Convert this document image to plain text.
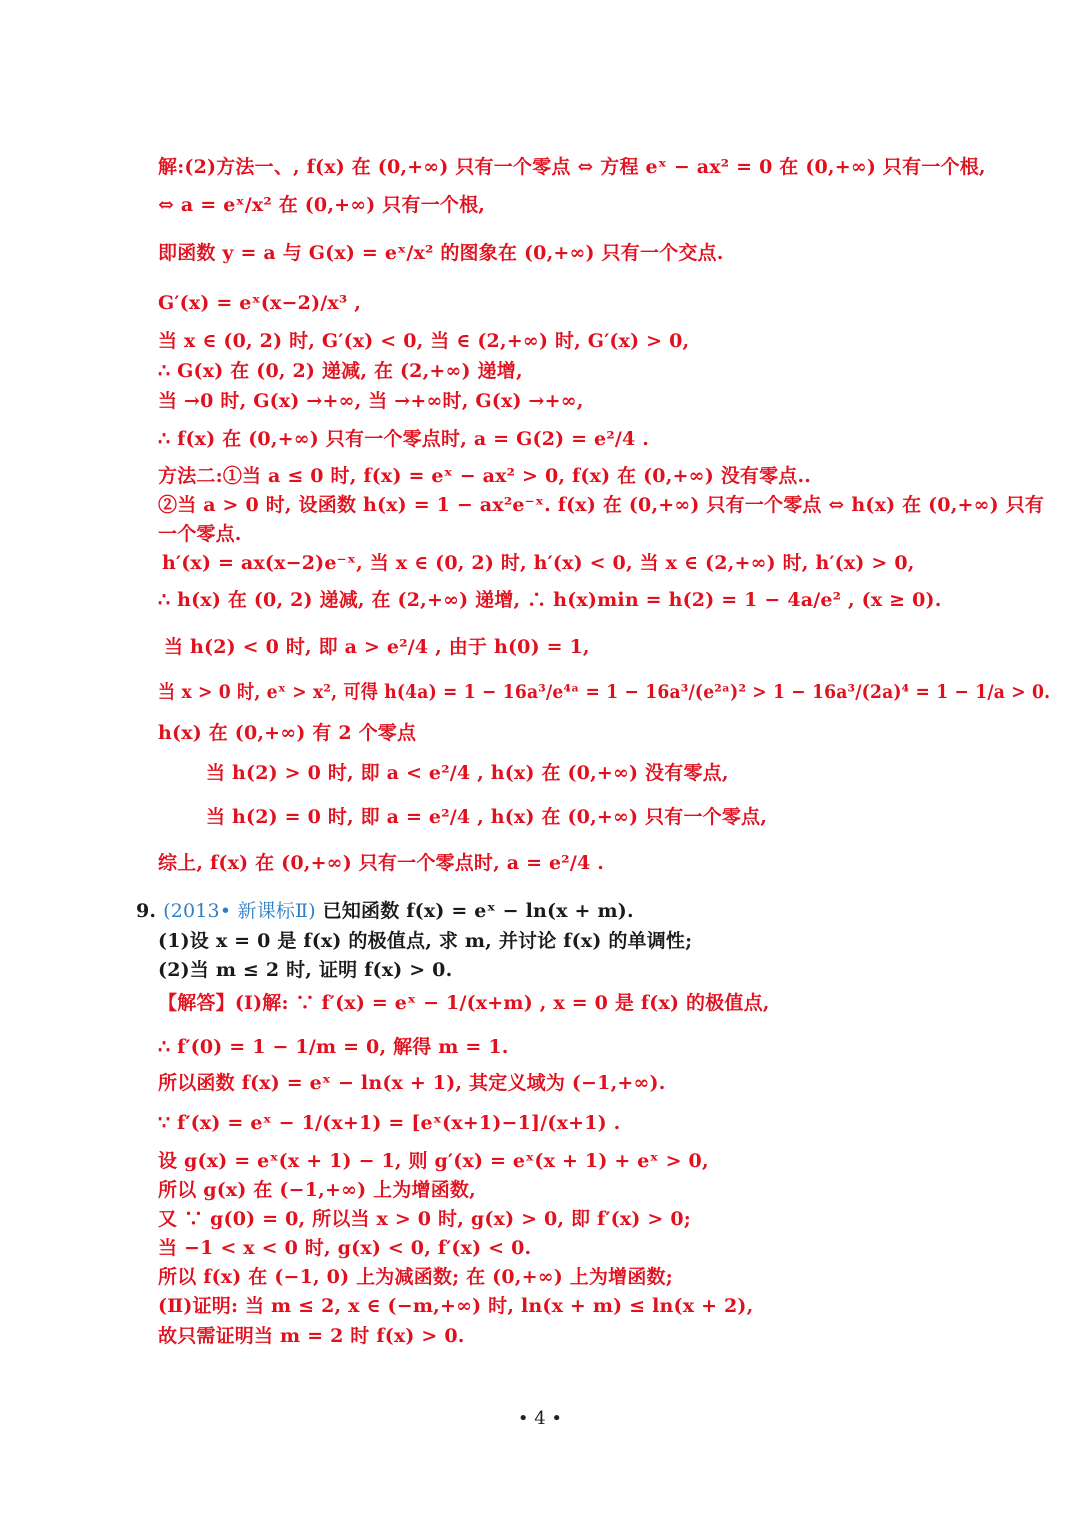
解:(2)方法一、, f(x) 在 (0,+∞) 只有一个零点 ⇔ 方程 eˣ − ax² = 0 在 (0,+∞) 只有一个根,
⇔ a = eˣ/x² 在 (0,+∞) 只有一个根,
即函数 y = a 与 G(x) = eˣ/x² 的图象在 (0,+∞) 只有一个交点.
G′(x) = eˣ(x−2)/x³ ,
当 x ∈ (0, 2) 时, G′(x) < 0, 当 ∈ (2,+∞) 时, G′(x) > 0,
∴ G(x) 在 (0, 2) 递减, 在 (2,+∞) 递增,
当 →0 时, G(x) →+∞, 当 →+∞时, G(x) →+∞,
∴ f(x) 在 (0,+∞) 只有一个零点时, a = G(2) = e²/4 .
方法二:①当 a ≤ 0 时, f(x) = eˣ − ax² > 0, f(x) 在 (0,+∞) 没有零点..
②当 a > 0 时, 设函数 h(x) = 1 − ax²e⁻ˣ. f(x) 在 (0,+∞) 只有一个零点 ⇔ h(x) 在 (0,+∞) 只有
一个零点.
h′(x) = ax(x−2)e⁻ˣ, 当 x ∈ (0, 2) 时, h′(x) < 0, 当 x ∈ (2,+∞) 时, h′(x) > 0,
∴ h(x) 在 (0, 2) 递减, 在 (2,+∞) 递增, ∴ h(x)min = h(2) = 1 − 4a/e² , (x ≥ 0).
当 h(2) < 0 时, 即 a > e²/4 , 由于 h(0) = 1,
当 x > 0 时, eˣ > x², 可得 h(4a) = 1 − 16a³/e⁴ᵃ = 1 − 16a³/(e²ᵃ)² > 1 − 16a³/(2a)⁴ = 1 − 1/a > 0.
h(x) 在 (0,+∞) 有 2 个零点
当 h(2) > 0 时, 即 a < e²/4 , h(x) 在 (0,+∞) 没有零点,
当 h(2) = 0 时, 即 a = e²/4 , h(x) 在 (0,+∞) 只有一个零点,
综上, f(x) 在 (0,+∞) 只有一个零点时, a = e²/4 .
9. (2013• 新课标Ⅱ) 已知函数 f(x) = eˣ − ln(x + m).
(1)设 x = 0 是 f(x) 的极值点, 求 m, 并讨论 f(x) 的单调性;
(2)当 m ≤ 2 时, 证明 f(x) > 0.
【解答】(Ⅰ)解: ∵ f′(x) = eˣ − 1/(x+m) , x = 0 是 f(x) 的极值点,
∴ f′(0) = 1 − 1/m = 0, 解得 m = 1.
所以函数 f(x) = eˣ − ln(x + 1), 其定义域为 (−1,+∞).
∵ f′(x) = eˣ − 1/(x+1) = [eˣ(x+1)−1]/(x+1) .
设 g(x) = eˣ(x + 1) − 1, 则 g′(x) = eˣ(x + 1) + eˣ > 0,
所以 g(x) 在 (−1,+∞) 上为增函数,
又 ∵ g(0) = 0, 所以当 x > 0 时, g(x) > 0, 即 f′(x) > 0;
当 −1 < x < 0 时, g(x) < 0, f′(x) < 0.
所以 f(x) 在 (−1, 0) 上为减函数; 在 (0,+∞) 上为增函数;
(Ⅱ)证明: 当 m ≤ 2, x ∈ (−m,+∞) 时, ln(x + m) ≤ ln(x + 2),
故只需证明当 m = 2 时 f(x) > 0.
• 4 •
